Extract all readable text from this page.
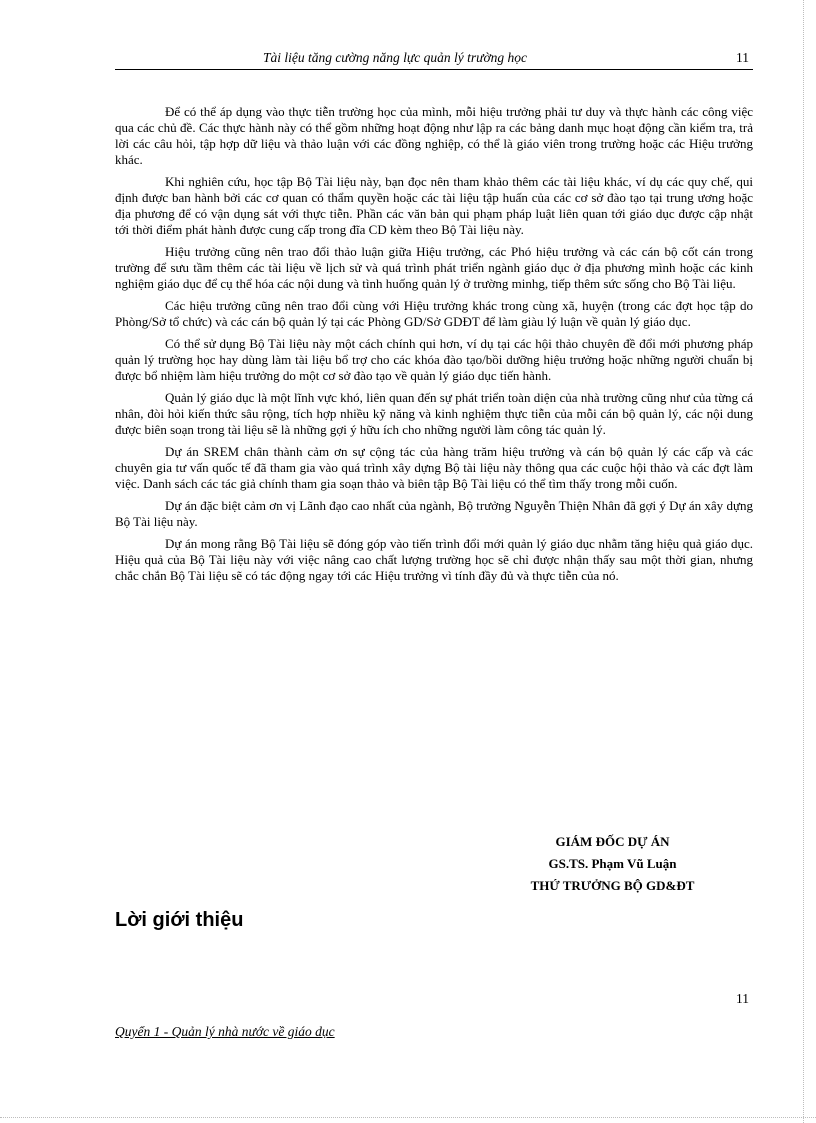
Tài liệu tăng cường năng lực quản lý trường học	11

Để có thể áp dụng vào thực tiễn trường học của mình, mỗi hiệu trưởng phải tư duy và thực hành các công việc qua các chủ đề. Các thực hành này có thể gồm những hoạt động như lập ra các bảng danh mục hoạt động cần kiểm tra, trả lời các câu hỏi, tập hợp dữ liệu và thảo luận với các đồng nghiệp, có thể là giáo viên trong trường hoặc các Hiệu trưởng khác.

Khi nghiên cứu, học tập Bộ Tài liệu này, bạn đọc nên tham khảo thêm các tài liệu khác, ví dụ các quy chế, qui định được ban hành bởi các cơ quan có thẩm quyền hoặc các tài liệu tập huấn của các cơ sở đào tạo tại trung ương hoặc địa phương để có vận dụng sát với thực tiễn. Phần các văn bản qui phạm pháp luật liên quan tới giáo dục được cập nhật tới thời điểm phát hành được cung cấp trong đĩa CD kèm theo Bộ Tài liệu này.

Hiệu trưởng cũng nên trao đổi thảo luận giữa Hiệu trưởng, các Phó hiệu trưởng và các cán bộ cốt cán trong trường để sưu tầm thêm các tài liệu về lịch sử và quá trình phát triển ngành giáo dục ở địa phương mình hoặc các kinh nghiệm giáo dục để cụ thể hóa các nội dung và tình huống quản lý ở trường minhg, tiếp thêm sức sống cho Bộ Tài liệu.

Các hiệu trưởng cũng nên trao đổi cùng với Hiệu trưởng khác trong cùng xã, huyện (trong các đợt học tập do Phòng/Sở tổ chức) và các cán bộ quản lý tại các Phòng GD/Sở GDĐT để làm giàu lý luận về quản lý giáo dục.

Có thể sử dụng Bộ Tài liệu này một cách chính qui hơn, ví dụ tại các hội thảo chuyên đề đổi mới phương pháp quản lý trường học hay dùng làm tài liệu bổ trợ cho các khóa đào tạo/bồi dưỡng hiệu trưởng hoặc những người chuẩn bị được bổ nhiệm làm hiệu trưởng do một cơ sở đào tạo về quản lý giáo dục tiến hành.

Quản lý giáo dục là một lĩnh vực khó, liên quan đến sự phát triển toàn diện của nhà trường cũng như của từng cá nhân, đòi hỏi kiến thức sâu rộng, tích hợp nhiều kỹ năng và kinh nghiệm thực tiễn của mỗi cán bộ quản lý, các nội dung được biên soạn trong tài liệu sẽ là những gợi ý hữu ích cho những người làm công tác quản lý.

Dự án SREM chân thành cảm ơn sự cộng tác của hàng trăm hiệu trưởng và cán bộ quản lý các cấp và các chuyên gia tư vấn quốc tế đã tham gia vào quá trình xây dựng Bộ tài liệu này thông qua các cuộc hội thảo và các đợt làm việc. Danh sách các tác giả chính tham gia soạn thảo và biên tập Bộ Tài liệu có thể tìm thấy trong mỗi cuốn.

Dự án đặc biệt cảm ơn vị Lãnh đạo cao nhất của ngành, Bộ trưởng Nguyễn Thiện Nhân đã gợi ý Dự án xây dựng Bộ Tài liệu này.

Dự án mong rằng Bộ Tài liệu sẽ đóng góp vào tiến trình đổi mới quản lý giáo dục nhằm tăng hiệu quả giáo dục. Hiệu quả của Bộ Tài liệu này với việc nâng cao chất lượng trường học sẽ chỉ được nhận thấy sau một thời gian, nhưng chắc chắn Bộ Tài liệu sẽ có tác động ngay tới các Hiệu trưởng vì tính đầy đủ và thực tiễn của nó.

GIÁM ĐỐC DỰ ÁN
GS.TS. Phạm Vũ Luận
THỨ TRƯỞNG BỘ GD&ĐT
Lời giới thiệu
11
Quyển 1 - Quản lý nhà nước về giáo dục
